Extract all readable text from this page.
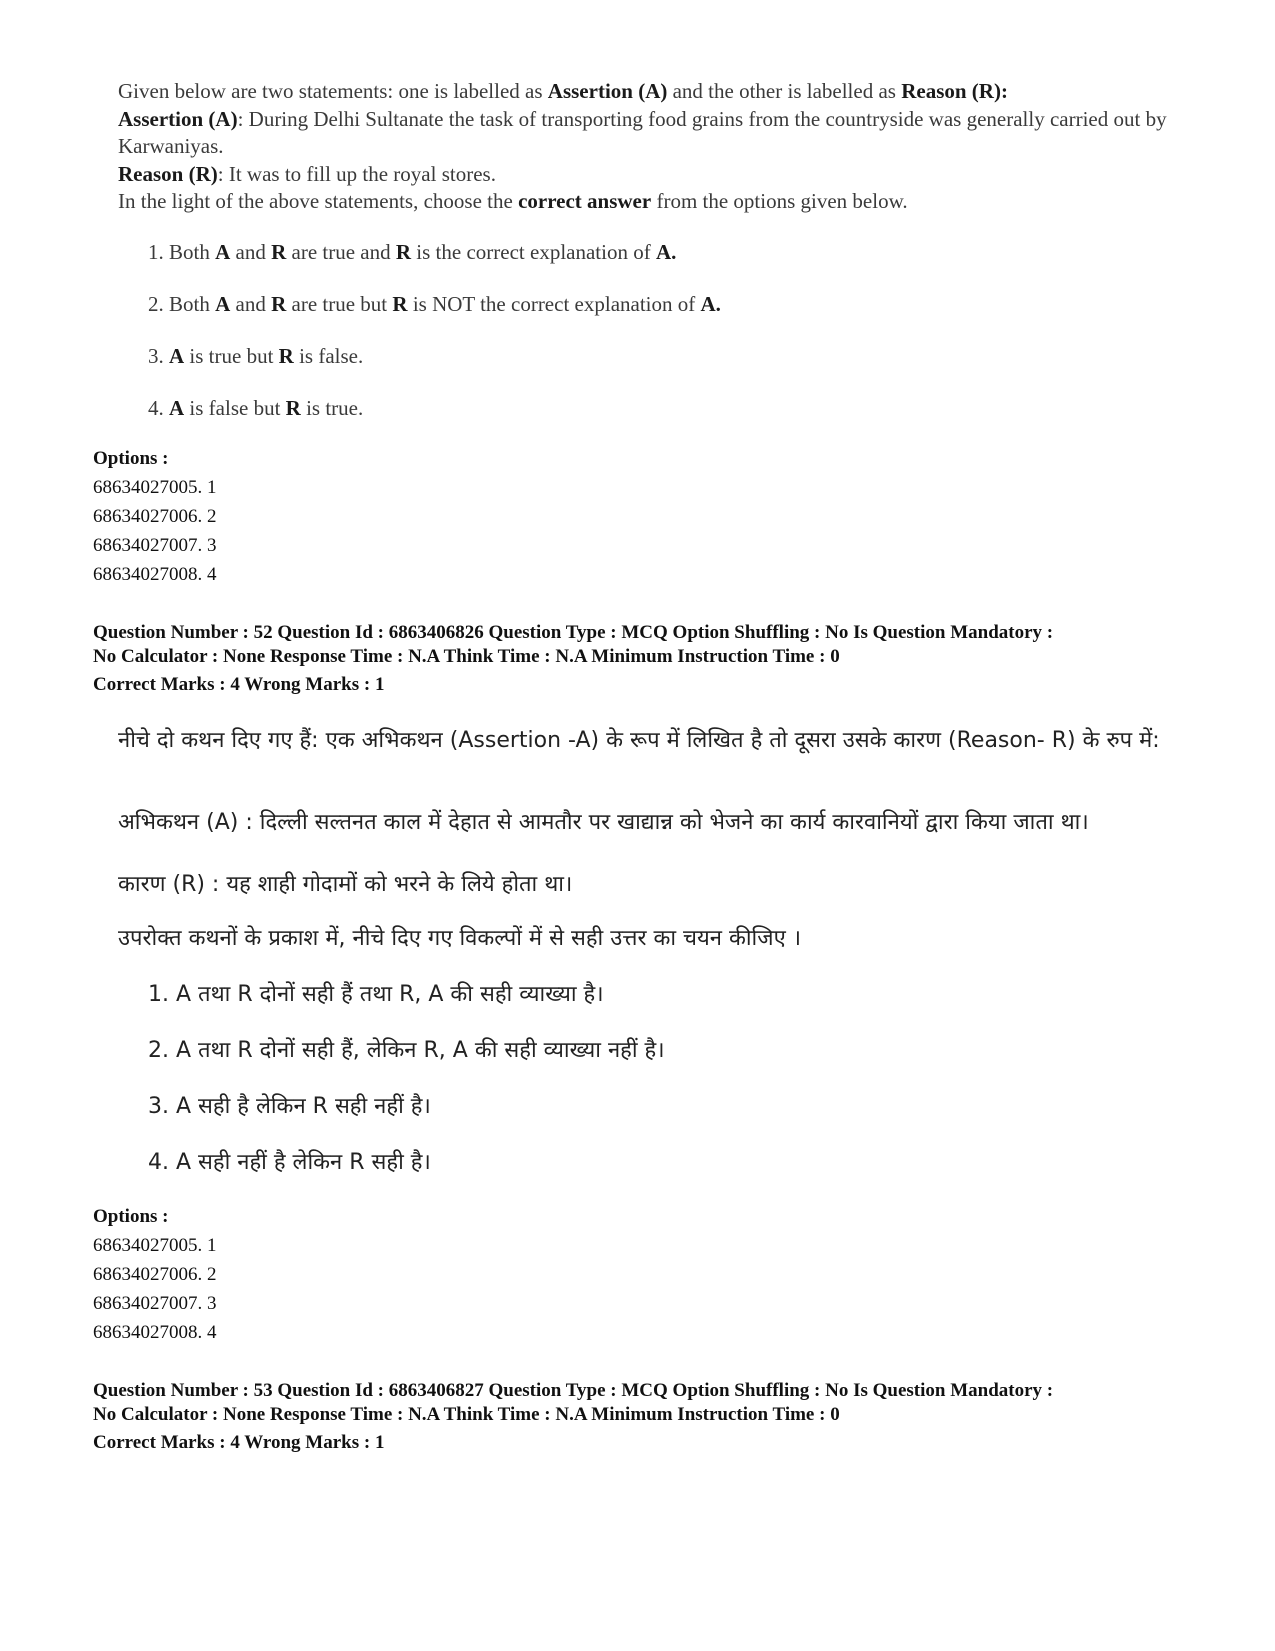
Given below are two statements: one is labelled as Assertion (A) and the other is labelled as Reason (R):
Assertion (A): During Delhi Sultanate the task of transporting food grains from the countryside was generally carried out by Karwaniyas.
Reason (R): It was to fill up the royal stores.
In the light of the above statements, choose the correct answer from the options given below.
1. Both A and R are true and R is the correct explanation of A.
2. Both A and R are true but R is NOT the correct explanation of A.
3. A is true but R is false.
4. A is false but R is true.
Options :
68634027005. 1
68634027006. 2
68634027007. 3
68634027008. 4
Question Number : 52 Question Id : 6863406826 Question Type : MCQ Option Shuffling : No Is Question Mandatory :
No Calculator : None Response Time : N.A Think Time : N.A Minimum Instruction Time : 0
Correct Marks : 4 Wrong Marks : 1
नीचे दो कथन दिए गए हैं: एक अभिकथन (Assertion -A) के रूप में लिखित है तो दूसरा उसके कारण (Reason- R) के रुप में:
अभिकथन (A) : दिल्ली सल्तनत काल में देहात से आमतौर पर खाद्यान्न को भेजने का कार्य कारवानियों द्वारा किया जाता था।
कारण (R) : यह शाही गोदामों को भरने के लिये होता था।
उपरोक्त कथनों के प्रकाश में, नीचे दिए गए विकल्पों में से सही उत्तर का चयन कीजिए ।
1. A तथा R दोनों सही हैं तथा R, A की सही व्याख्या है।
2. A तथा R दोनों सही हैं, लेकिन R, A की सही व्याख्या नहीं है।
3. A सही है लेकिन R सही नहीं है।
4. A सही नहीं है लेकिन R सही है।
Options :
68634027005. 1
68634027006. 2
68634027007. 3
68634027008. 4
Question Number : 53 Question Id : 6863406827 Question Type : MCQ Option Shuffling : No Is Question Mandatory :
No Calculator : None Response Time : N.A Think Time : N.A Minimum Instruction Time : 0
Correct Marks : 4 Wrong Marks : 1
